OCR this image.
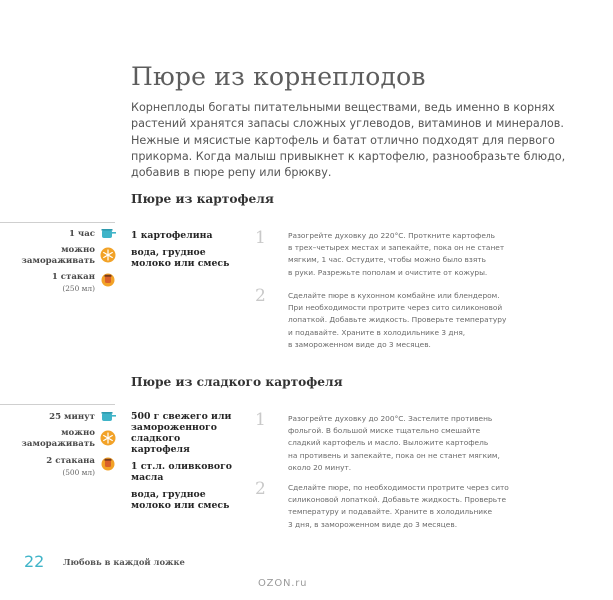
Пюре из корнеплодов
Корнеплоды богаты питательными веществами, ведь именно в корнях
растений хранятся запасы сложных углеводов, витаминов и минералов.
Нежные и мясистые картофель и батат отлично подходят для первого
прикорма. Когда малыш привыкнет к картофелю, разнообразьте блюдо,
добавив в пюре репу или брюкву.
Пюре из картофеля
1 час
можно
замораживать
1 стакан
(250 мл)
1 картофелина
вода, грудное
молоко или смесь
1	Разогрейте духовку до 220°С. Проткните картофель
в трех–четырех местах и запекайте, пока он не станет
мягким, 1 час. Остудите, чтобы можно было взять
в руки. Разрежьте пополам и очистите от кожуры.
2	Сделайте пюре в кухонном комбайне или блендером.
При необходимости протрите через сито силиконовой
лопаткой. Добавьте жидкость. Проверьте температуру
и подавайте. Храните в холодильнике 3 дня,
в замороженном виде до 3 месяцев.
Пюре из сладкого картофеля
25 минут
можно
замораживать
2 стакана
(500 мл)
500 г свежего или
замороженного
сладкого
картофеля
1 ст.л. оливкового
масла
вода, грудное
молоко или смесь
1	Разогрейте духовку до 200°С. Застелите противень
фольгой. В большой миске тщательно смешайте
сладкий картофель и масло. Выложите картофель
на противень и запекайте, пока он не станет мягким,
около 20 минут.
2	Сделайте пюре, по необходимости протрите через сито
силиконовой лопаткой. Добавьте жидкость. Проверьте
температуру и подавайте. Храните в холодильнике
3 дня, в замороженном виде до 3 месяцев.
22 Любовь в каждой ложке
OZON.ru
